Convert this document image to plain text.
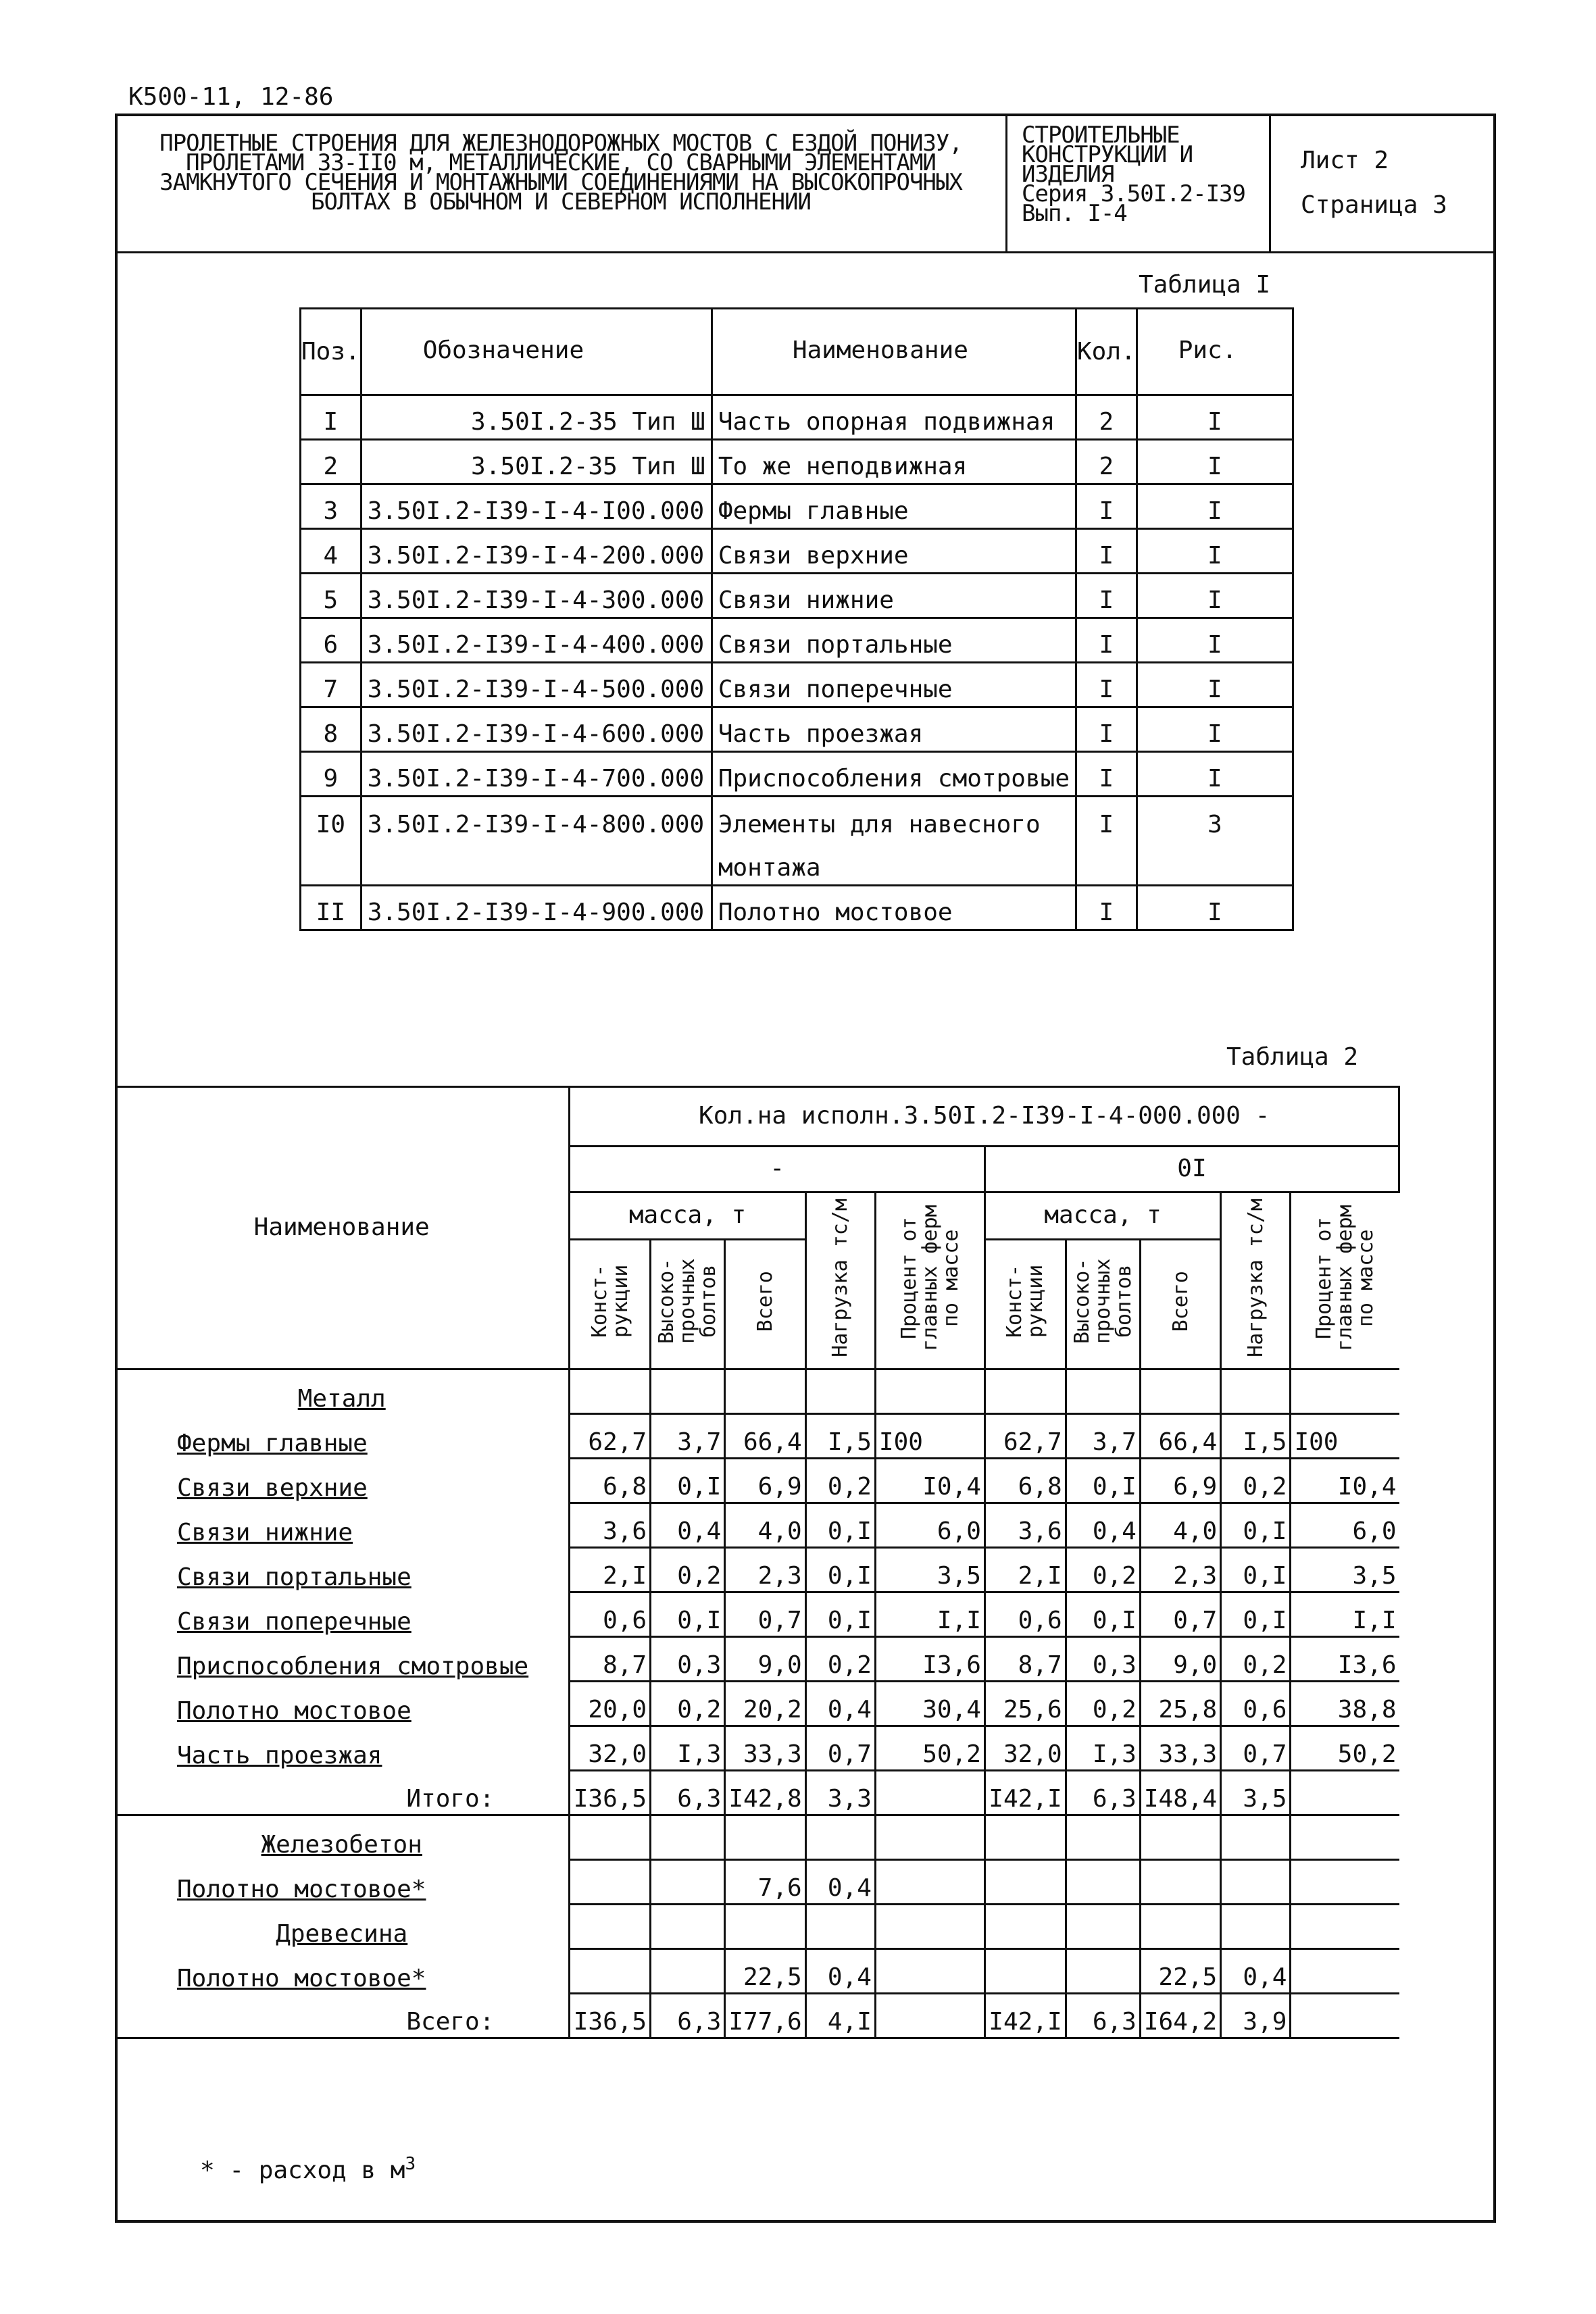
К500-11, 12-86
ПРОЛЕТНЫЕ СТРОЕНИЯ ДЛЯ ЖЕЛЕЗНОДОРОЖНЫХ МОСТОВ С ЕЗДОЙ ПОНИЗУ,
ПРОЛЕТАМИ 33-II0 м, МЕТАЛЛИЧЕСКИЕ, СО СВАРНЫМИ ЭЛЕМЕНТАМИ
ЗАМКНУТОГО СЕЧЕНИЯ И МОНТАЖНЫМИ СОЕДИНЕНИЯМИ НА ВЫСОКОПРОЧНЫХ
БОЛТАХ В ОБЫЧНОМ И СЕВЕРНОМ ИСПОЛНЕНИИ
СТРОИТЕЛЬНЫЕ
КОНСТРУКЦИИ И
ИЗДЕЛИЯ
Серия 3.50I.2-I39
Вып. I-4
Лист 2
Страница 3
Таблица I
Поз.	Обозначение	Наименование	Кол.	Рис.
I	3.50I.2-35 Тип Ш	Часть опорная подвижная	2	I
2	3.50I.2-35 Тип Ш	То же неподвижная	2	I
3	3.50I.2-I39-I-4-I00.000	Фермы главные	I	I
4	3.50I.2-I39-I-4-200.000	Связи верхние	I	I
5	3.50I.2-I39-I-4-300.000	Связи нижние	I	I
6	3.50I.2-I39-I-4-400.000	Связи портальные	I	I
7	3.50I.2-I39-I-4-500.000	Связи поперечные	I	I
8	3.50I.2-I39-I-4-600.000	Часть проезжая	I	I
9	3.50I.2-I39-I-4-700.000	Приспособления смотровые	I	I
I0	3.50I.2-I39-I-4-800.000	Элементы для навесного	I	3
		монтажа		
II	3.50I.2-I39-I-4-900.000	Полотно мостовое	I	I
Таблица 2
Наименование	Кол.на исполн.3.50I.2-I39-I-4-000.000 -									
	-					0I				
	масса, т			Нагрузка тс/м	Процент от главных ферм по массе	масса, т			Нагрузка тс/м	Процент от главных ферм по массе
	Конст-рукции	Высоко-прочных болтов	Всего			Конст-рукции	Высоко-прочных болтов	Всего		
Металл										
Фермы главные	62,7	3,7	66,4	I,5	I00	62,7	3,7	66,4	I,5	I00
Связи верхние	6,8	0,I	6,9	0,2	I0,4	6,8	0,I	6,9	0,2	I0,4
Связи нижние	3,6	0,4	4,0	0,I	6,0	3,6	0,4	4,0	0,I	6,0
Связи портальные	2,I	0,2	2,3	0,I	3,5	2,I	0,2	2,3	0,I	3,5
Связи поперечные	0,6	0,I	0,7	0,I	I,I	0,6	0,I	0,7	0,I	I,I
Приспособления смотровые	8,7	0,3	9,0	0,2	I3,6	8,7	0,3	9,0	0,2	I3,6
Полотно мостовое	20,0	0,2	20,2	0,4	30,4	25,6	0,2	25,8	0,6	38,8
Часть проезжая	32,0	I,3	33,3	0,7	50,2	32,0	I,3	33,3	0,7	50,2
Итого:	I36,5	6,3	I42,8	3,3		I42,I	6,3	I48,4	3,5	
Железобетон										
Полотно мостовое*			7,6	0,4						
Древесина										
Полотно мостовое*			22,5	0,4				22,5	0,4	
Всего:	I36,5	6,3	I77,6	4,I		I42,I	6,3	I64,2	3,9	
* - расход в $м^3$
